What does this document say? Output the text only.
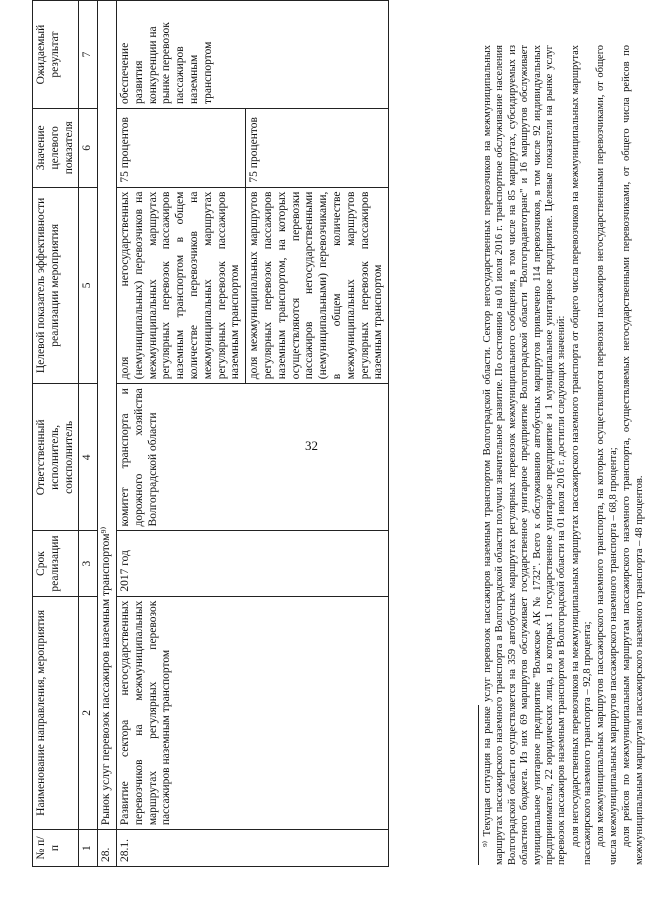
32
№ п/п	Наименование направления, мероприятия	Срок реализации	Ответственный исполнитель, соисполнитель	Целевой показатель эффективности реализации мероприятия	Значение целевого показателя	Ожидаемый результат
1	2	3	4	5	6	7
28.	Рынок услуг перевозок пассажиров наземным транспортом⁹⁾					
28.1.	Развитие сектора негосударственных перевозчиков на межмуниципальных маршрутах регулярных перевозок пассажиров наземным транспортом	2017 год	комитет транспорта и дорожного хозяйства Волгоградской области	доля негосударственных (немуниципальных) перевозчиков на межмуниципальных маршрутах регулярных перевозок пассажиров наземным транспортом в общем количестве перевозчиков на межмуниципальных маршрутах регулярных перевозок пассажиров наземным транспортом	75 процентов	обеспечение развития конкуренции на рынке перевозок пассажиров наземным транспортом
				доля межмуниципальных маршрутов регулярных перевозок пассажиров наземным транспортом, на которых осуществляются перевозки пассажиров негосударственными (немуниципальными) перевозчиками, в общем количестве межмуниципальных маршрутов регулярных перевозок пассажиров наземным транспортом	75 процентов		⁹⁾ Текущая ситуация на рынке услуг перевозок пассажиров наземным транспортом Волгоградской области. Сектор негосударственных перевозчиков на межмуниципальных маршрутах пассажирского наземного транспорта в Волгоградской области получил значительное развитие. По состоянию на 01 июля 2016 г. транспортное обслуживание населения Волгоградской области осуществляется на 359 автобусных маршрутах регулярных перевозок межмуниципального сообщения, в том числе на 85 маршрутах, субсидируемых из областного бюджета. Из них 69 маршрутов обслуживает государственное унитарное предприятие Волгоградской области "Волгоградавтотранс" и 16 маршрутов обслуживает муниципальное унитарное предприятие "Волжское АК № 1732". Всего к обслуживанию автобусных маршрутов привлечено 114 перевозчиков, в том числе 92 индивидуальных предпринимателя, 22 юридических лица, из которых 1 государственное унитарное предприятие и 1 муниципальное унитарное предприятие. Целевые показатели на рынке услуг перевозок пассажиров наземным транспортом в Волгоградской области на 01 июля 2016 г. достигли следующих значений: доля негосударственных перевозчиков на межмуниципальных маршрутах пассажирского наземного транспорта от общего числа перевозчиков на межмуниципальных маршрутах пассажирского наземного транспорта – 92,8 процента; доля межмуниципальных маршрутов пассажирского наземного транспорта, на которых осуществляются перевозки пассажиров негосударственными перевозчиками, от общего числа межмуниципальных маршрутов пассажирского наземного транспорта – 68,8 процента; доля рейсов по межмуниципальным маршрутам пассажирского наземного транспорта, осуществляемых негосударственными перевозчиками, от общего числа рейсов по межмуниципальным маршрутам пассажирского наземного транспорта – 48 процентов.
